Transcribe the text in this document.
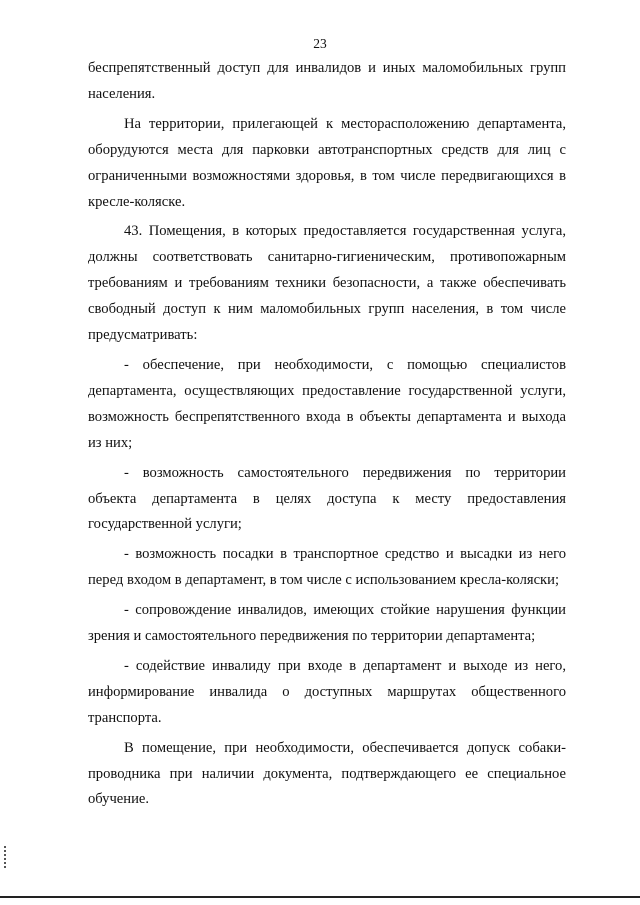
23

беспрепятственный доступ для инвалидов и иных маломобильных групп населения.

На территории, прилегающей к месторасположению департамента, оборудуются места для парковки автотранспортных средств для лиц с ограниченными возможностями здоровья, в том числе передвигающихся в кресле-коляске.

43. Помещения, в которых предоставляется государственная услуга, должны соответствовать санитарно-гигиеническим, противопожарным требованиям и требованиям техники безопасности, а также обеспечивать свободный доступ к ним маломобильных групп населения, в том числе предусматривать:

- обеспечение, при необходимости, с помощью специалистов департамента, осуществляющих предоставление государственной услуги, возможность беспрепятственного входа в объекты департамента и выхода из них;

- возможность самостоятельного передвижения по территории объекта департамента в целях доступа к месту предоставления государственной услуги;

- возможность посадки в транспортное средство и высадки из него перед входом в департамент, в том числе с использованием кресла-коляски;

- сопровождение инвалидов, имеющих стойкие нарушения функции зрения и самостоятельного передвижения по территории департамента;

- содействие инвалиду при входе в департамент и выходе из него, информирование инвалида о доступных маршрутах общественного транспорта.

В помещение, при необходимости, обеспечивается допуск собаки-проводника при наличии документа, подтверждающего ее специальное обучение.
